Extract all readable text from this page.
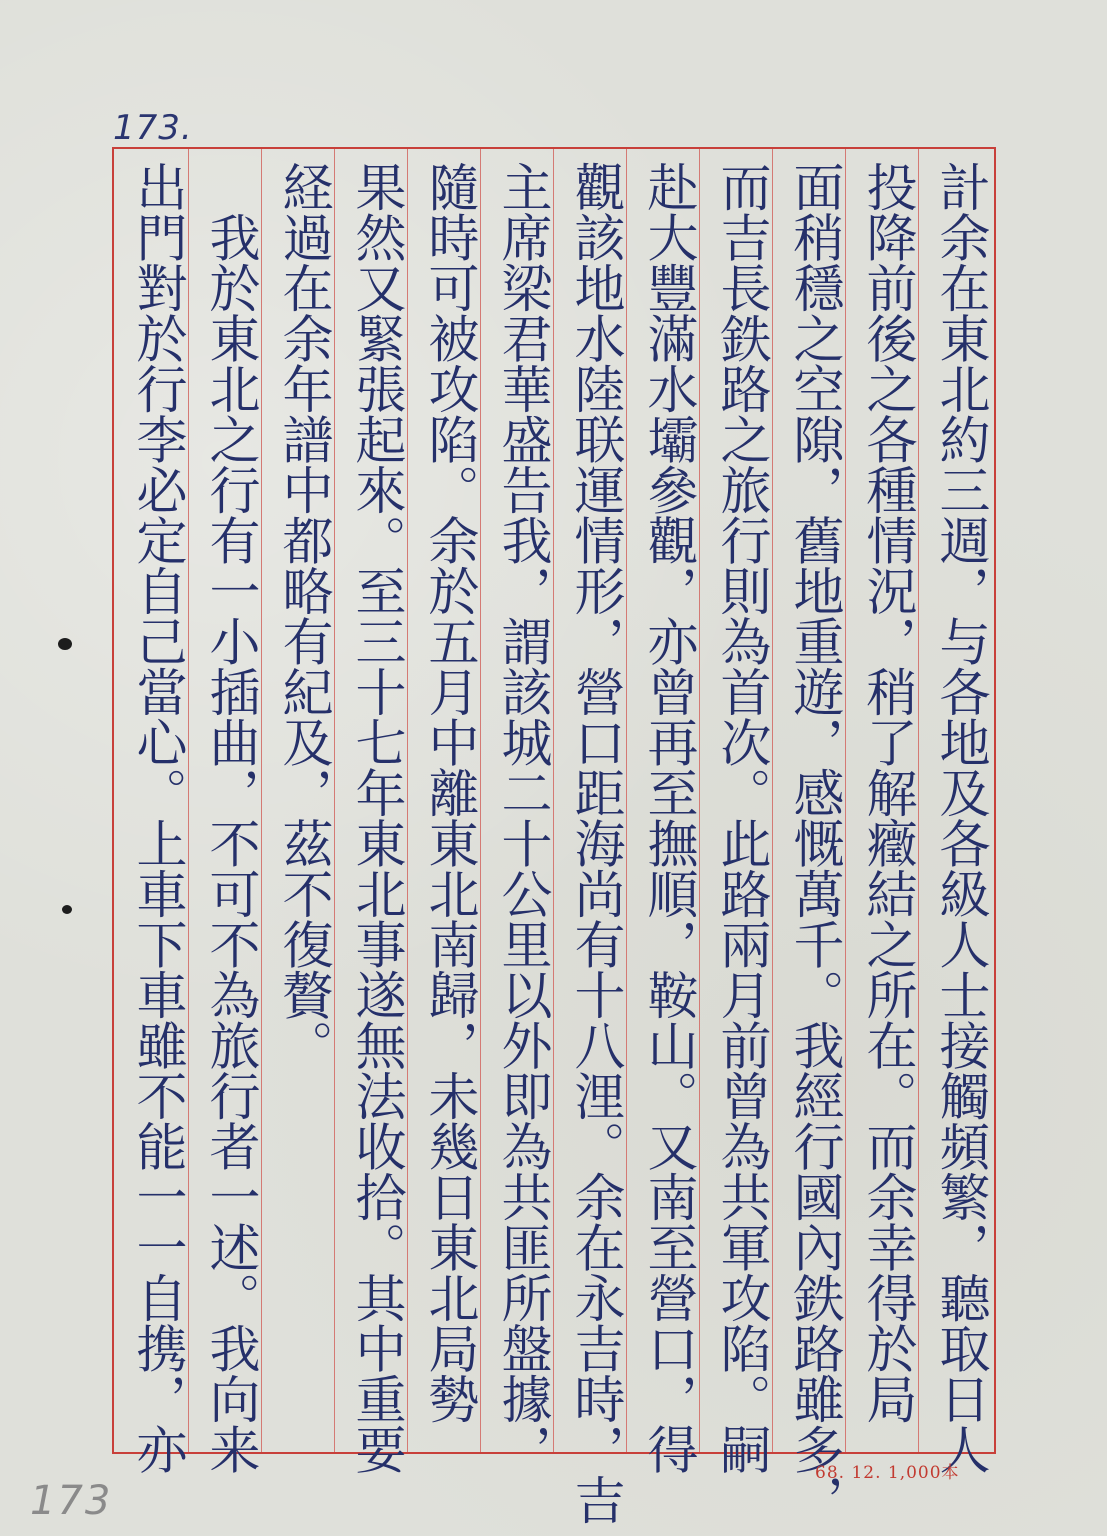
173.
計余在東北約三週，与各地及各級人士接觸頻繁，聽取日人
投降前後之各種情況，稍了解癥結之所在。而余幸得於局
面稍穩之空隙，舊地重遊，感慨萬千。我經行國內鉄路雖多，
而吉長鉄路之旅行則為首次。此路兩月前曾為共軍攻陷。嗣
赴大豐滿水壩參觀，亦曾再至撫順，鞍山。又南至營口，得
觀該地水陸联運情形，營口距海尚有十八浬。余在永吉時，吉
主席梁君華盛告我，謂該城二十公里以外即為共匪所盤據，
隨時可被攻陷。余於五月中離東北南歸，未幾日東北局勢
果然又緊張起來。至三十七年東北事遂無法收拾。其中重要
経過在余年譜中都略有紀及，茲不復贅。
　我於東北之行有一小插曲，不可不為旅行者一述。我向来
出門對於行李必定自己當心。上車下車雖不能一一自携，亦	68. 12. 1,000本
173
